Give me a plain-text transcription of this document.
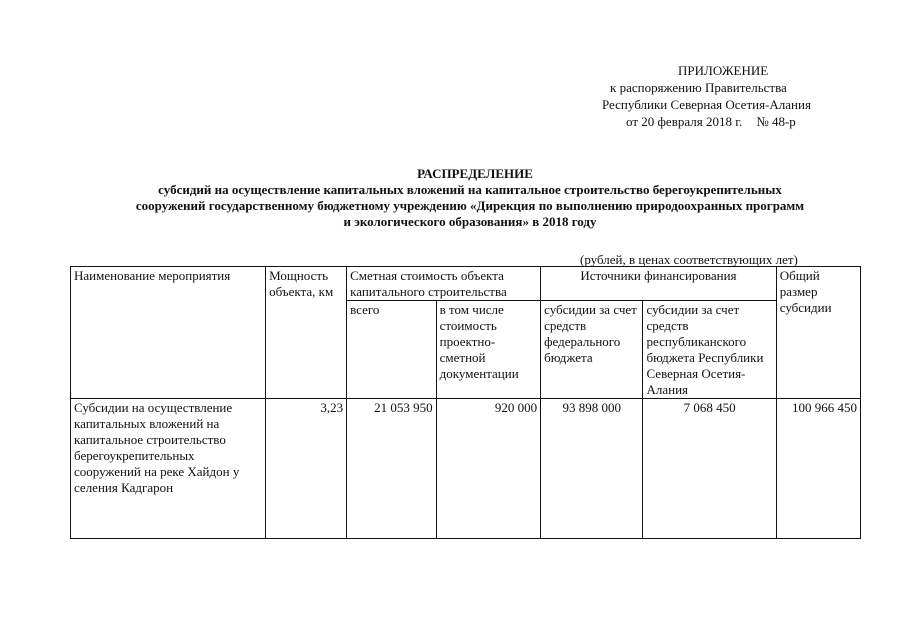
ПРИЛОЖЕНИЕ
к распоряжению Правительства
Республики Северная Осетия-Алания
от 20 февраля 2018 г. № 48-р
РАСПРЕДЕЛЕНИЕ
субсидий на осуществление капитальных вложений на капитальное строительство берегоукрепительных
сооружений государственному бюджетному учреждению «Дирекция по выполнению природоохранных программ
и экологического образования» в 2018 году
(рублей, в ценах соответствующих лет)
Наименование мероприятия	Мощность объекта, км	Сметная стоимость объекта капитального строительства		Источники финансирования		Общий размер субсидии
		всего	в том числе стоимость проектно-сметной документации	субсидии за счет средств федерального бюджета	субсидии за счет средств республиканского бюджета Республики Северная Осетия-Алания	
Субсидии на осуществление капитальных вложений на капитальное строительство берегоукрепительных сооружений на реке Хайдон у селения Кадгарон	3,23	21 053 950	920 000	93 898 000	7 068 450	100 966 450
